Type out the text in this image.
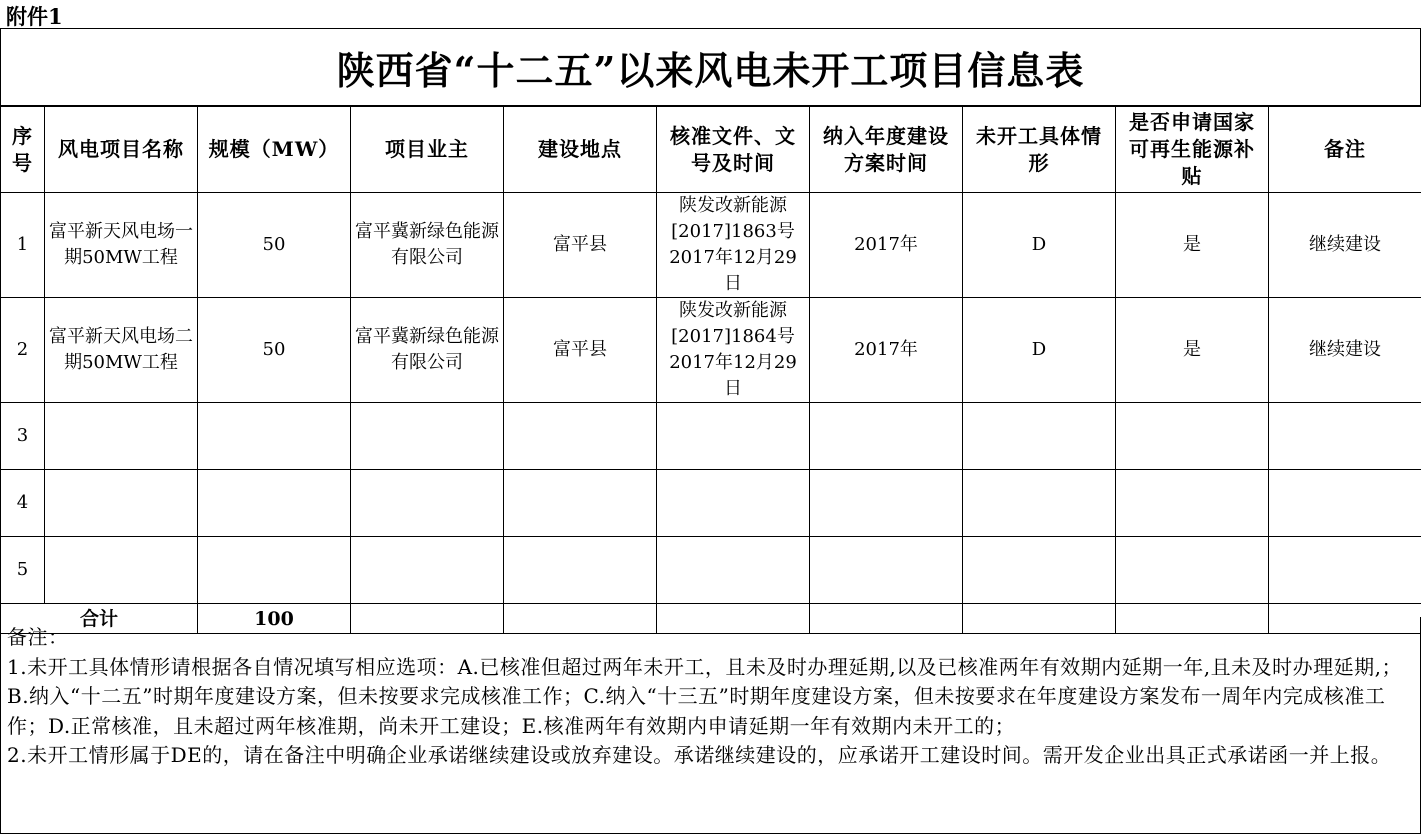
附件1
陕西省“十二五”以来风电未开工项目信息表
序号	风电项目名称	规模（MW）	项目业主	建设地点	核准文件、文号及时间	纳入年度建设方案时间	未开工具体情形	是否申请国家可再生能源补贴	备注
1	富平新天风电场一期50MW工程	50	富平冀新绿色能源有限公司	富平县	陕发改新能源[2017]1863号2017年12月29日	2017年	D	是	继续建设
2	富平新天风电场二期50MW工程	50	富平冀新绿色能源有限公司	富平县	陕发改新能源[2017]1864号2017年12月29日	2017年	D	是	继续建设
3									
4									
5									
合计		100							

备注：

1.未开工具体情形请根据各自情况填写相应选项：A.已核准但超过两年未开工，且未及时办理延期,以及已核准两年有效期内延期一年,且未及时办理延期,；B.纳入“十二五”时期年度建设方案，但未按要求完成核准工作；C.纳入“十三五”时期年度建设方案，但未按要求在年度建设方案发布一周年内完成核准工作；D.正常核准，且未超过两年核准期，尚未开工建设；E.核准两年有效期内申请延期一年有效期内未开工的；

2.未开工情形属于DE的，请在备注中明确企业承诺继续建设或放弃建设。承诺继续建设的，应承诺开工建设时间。需开发企业出具正式承诺函一并上报。
